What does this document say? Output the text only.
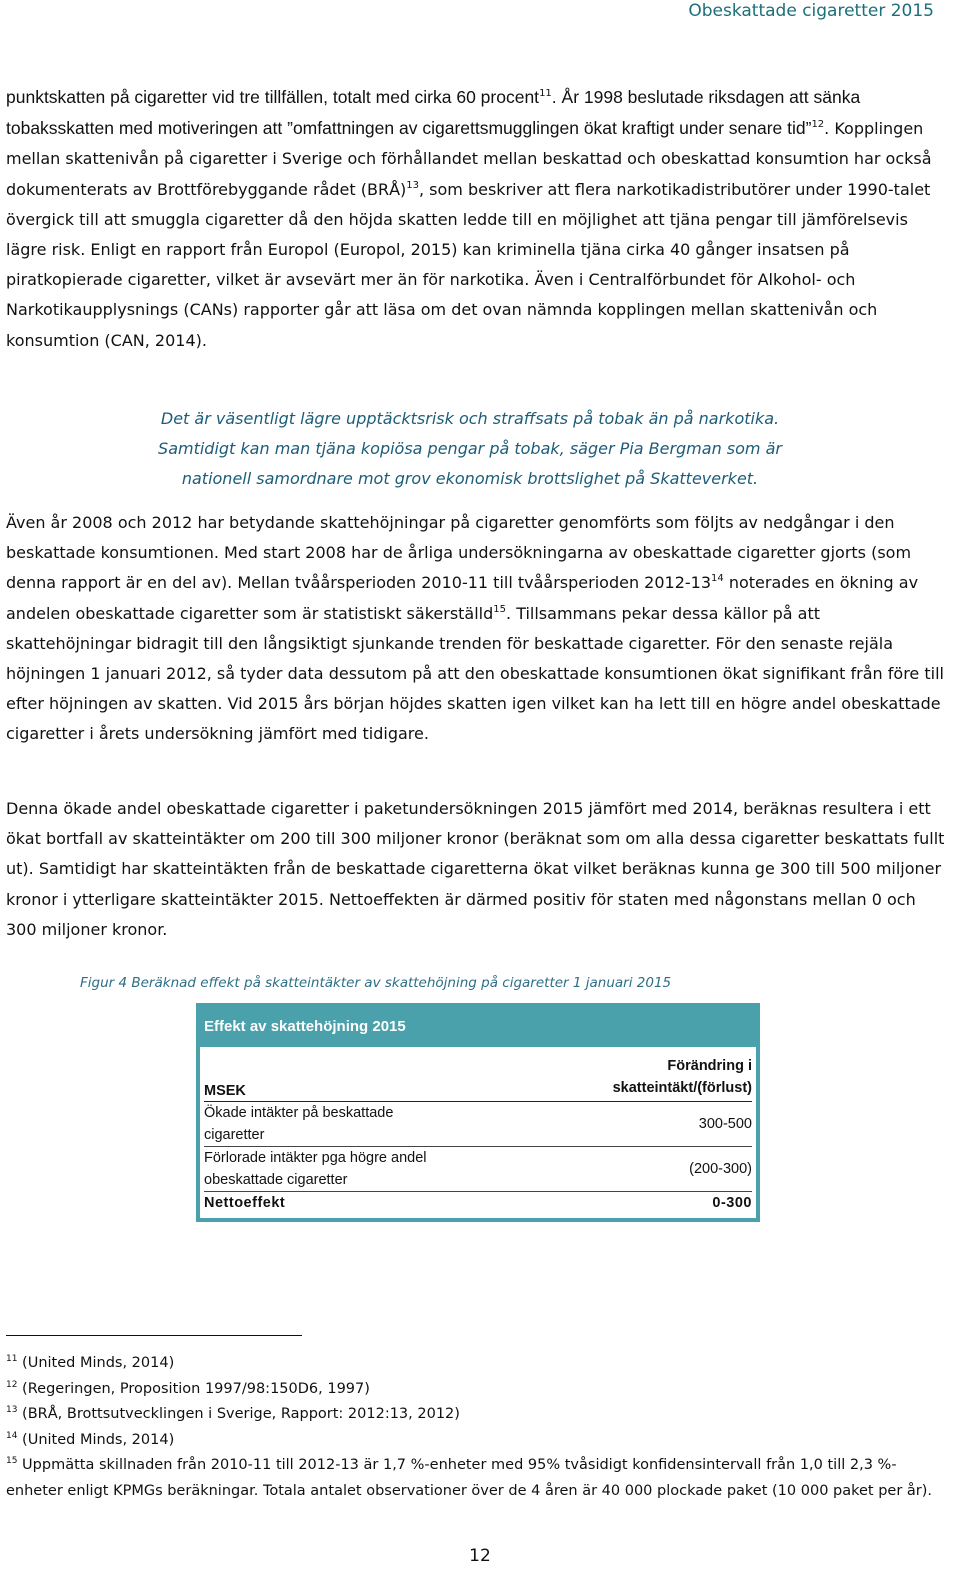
Obeskattade cigaretter 2015

punktskatten på cigaretter vid tre tillfällen, totalt med cirka 60 procent$^{11}$. År 1998 beslutade riksdagen att sänka tobaksskatten med motiveringen att ”omfattningen av cigarettsmugglingen ökat kraftigt under senare tid”$^{12}$. Kopplingen mellan skattenivån på cigaretter i Sverige och förhållandet mellan beskattad och obeskattad konsumtion har också dokumenterats av Brottförebyggande rådet (BRÅ)$^{13}$, som beskriver att flera narkotikadistributörer under 1990-talet övergick till att smuggla cigaretter då den höjda skatten ledde till en möjlighet att tjäna pengar till jämförelsevis lägre risk. Enligt en rapport från Europol (Europol, 2015) kan kriminella tjäna cirka 40 gånger insatsen på piratkopierade cigaretter, vilket är avsevärt mer än för narkotika. Även i Centralförbundet för Alkohol- och Narkotikaupplysnings (CANs) rapporter går att läsa om det ovan nämnda kopplingen mellan skattenivån och konsumtion (CAN, 2014).

Det är väsentligt lägre upptäcktsrisk och straffsats på tobak än på narkotika.
Samtidigt kan man tjäna kopiösa pengar på tobak, säger Pia Bergman som är
nationell samordnare mot grov ekonomisk brottslighet på Skatteverket.

Även år 2008 och 2012 har betydande skattehöjningar på cigaretter genomförts som följts av nedgångar i den beskattade konsumtionen. Med start 2008 har de årliga undersökningarna av obeskattade cigaretter gjorts (som denna rapport är en del av). Mellan tvåårsperioden 2010-11 till tvåårsperioden $2012-13^{14}$ noterades en ökning av andelen obeskattade cigaretter som är statistiskt säkerställd$^{15}$. Tillsammans pekar dessa källor på att skattehöjningar bidragit till den långsiktigt sjunkande trenden för beskattade cigaretter. För den senaste rejäla höjningen 1 januari 2012, så tyder data dessutom på att den obeskattade konsumtionen ökat signifikant från före till efter höjningen av skatten. Vid 2015 års början höjdes skatten igen vilket kan ha lett till en högre andel obeskattade cigaretter i årets undersökning jämfört med tidigare.

Denna ökade andel obeskattade cigaretter i paketundersökningen 2015 jämfört med 2014, beräknas resultera i ett ökat bortfall av skatteintäkter om 200 till 300 miljoner kronor (beräknat som om alla dessa cigaretter beskattats fullt ut). Samtidigt har skatteintäkten från de beskattade cigaretterna ökat vilket beräknas kunna ge 300 till 500 miljoner kronor i ytterligare skatteintäkter 2015. Nettoeffekten är därmed positiv för staten med någonstans mellan 0 och 300 miljoner kronor.

Figur 4 Beräknad effekt på skatteintäkter av skattehöjning på cigaretter 1 januari 2015

Effekt av skattehöjning 2015
MSEK
Förändring i
skatteintäkt/(förlust)
Ökade intäkter på beskattade
cigaretter
300-500
Förlorade intäkter pga högre andel
obeskattade cigaretter
(200-300)
Nettoeffekt	0-300
$^{11}$ (United Minds, 2014)
$^{12}$ (Regeringen, Proposition 1997/98:150D6, 1997)
$^{13}$ (BRÅ, Brottsutvecklingen i Sverige, Rapport: 2012:13, 2012)
$^{14}$ (United Minds, 2014)
$^{15}$ Uppmätta skillnaden från 2010-11 till 2012-13 är 1,7 %-enheter med 95% tvåsidigt konfidensintervall från 1,0 till 2,3 %-enheter enligt KPMGs beräkningar. Totala antalet observationer över de 4 åren är 40 000 plockade paket (10 000 paket per år).
12
